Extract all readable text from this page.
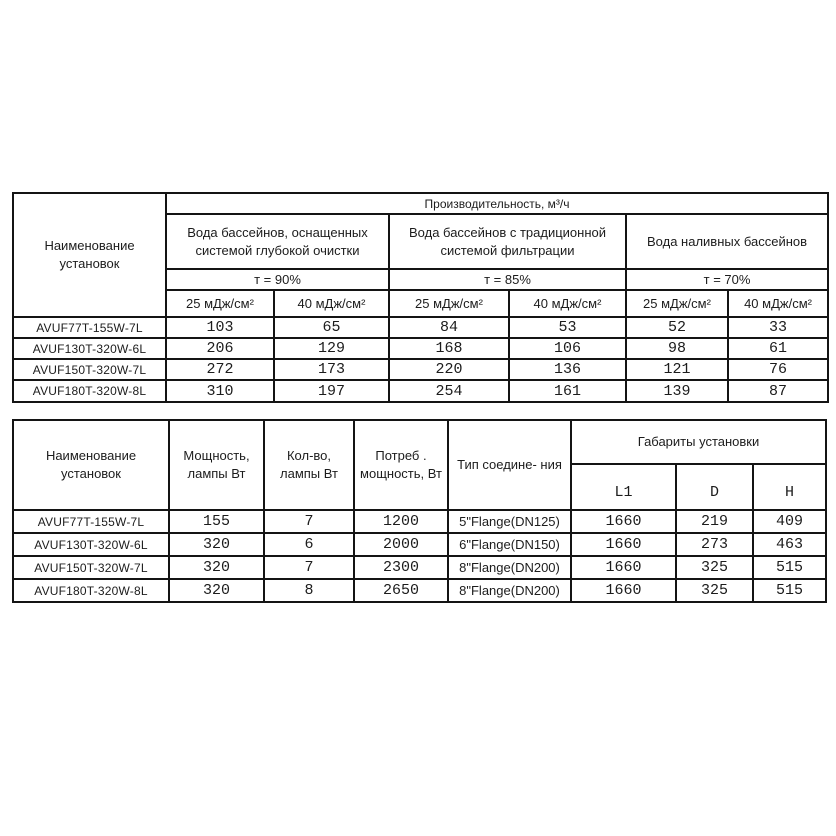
Наименование установок	Производительность, м³/ч					
	Вода бассейнов, оснащенных системой глубокой очистки		Вода бассейнов с традиционной системой фильтрации		Вода наливных бассейнов	
	т = 90%		т = 85%		т = 70%	
	25 мДж/см²	40 мДж/см²	25 мДж/см²	40 мДж/см²	25 мДж/см²	40 мДж/см²
AVUF77T-155W-7L	103	65	84	53	52	33
AVUF130T-320W-6L	206	129	168	106	98	61
AVUF150T-320W-7L	272	173	220	136	121	76
AVUF180T-320W-8L	310	197	254	161	139	87
Наименование установок	Мощность, лампы Вт	Кол-во, лампы Вт	Потреб . мощность, Вт	Тип соедине- ния	Габариты установки		
					L1	D	H
AVUF77T-155W-7L	155	7	1200	5"Flange(DN125)	1660	219	409
AVUF130T-320W-6L	320	6	2000	6"Flange(DN150)	1660	273	463
AVUF150T-320W-7L	320	7	2300	8"Flange(DN200)	1660	325	515
AVUF180T-320W-8L	320	8	2650	8"Flange(DN200)	1660	325	515
